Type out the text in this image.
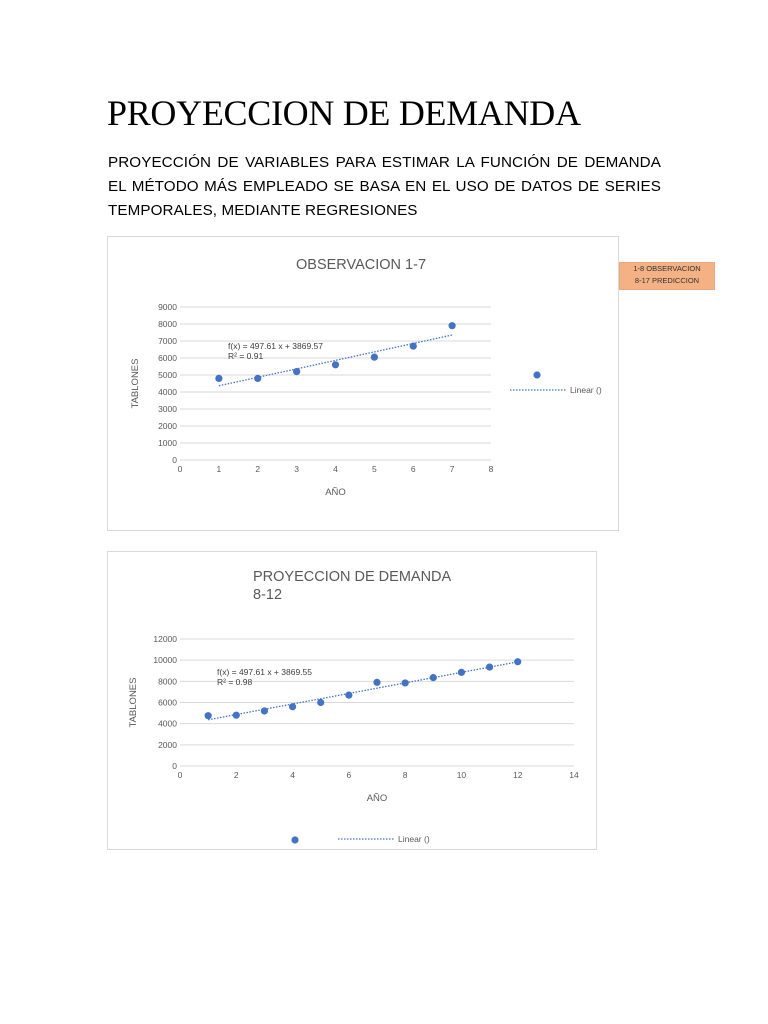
PROYECCION DE DEMANDA

PROYECCIÓN DE VARIABLES PARA ESTIMAR LA FUNCIÓN DE DEMANDA EL MÉTODO MÁS EMPLEADO SE BASA EN EL USO DE DATOS DE SERIES TEMPORALES, MEDIANTE REGRESIONES

OBSERVACION 1-7
0
1000
2000
3000
4000
5000
6000
7000
8000
9000
0	1	2	3	4	5	6	7	8
AÑO
TABLONES
f(x) = 497.61 x + 3869.57
R² = 0.91
Linear ()
1-8 OBSERVACION
8-17 PREDICCION
PROYECCION DE DEMANDA
8-12
0
2000
4000
6000
8000
10000
12000
0	2	4	6	8	10	12	14
AÑO
TABLONES
f(x) = 497.61 x + 3869.55
R² = 0.98
Linear ()
